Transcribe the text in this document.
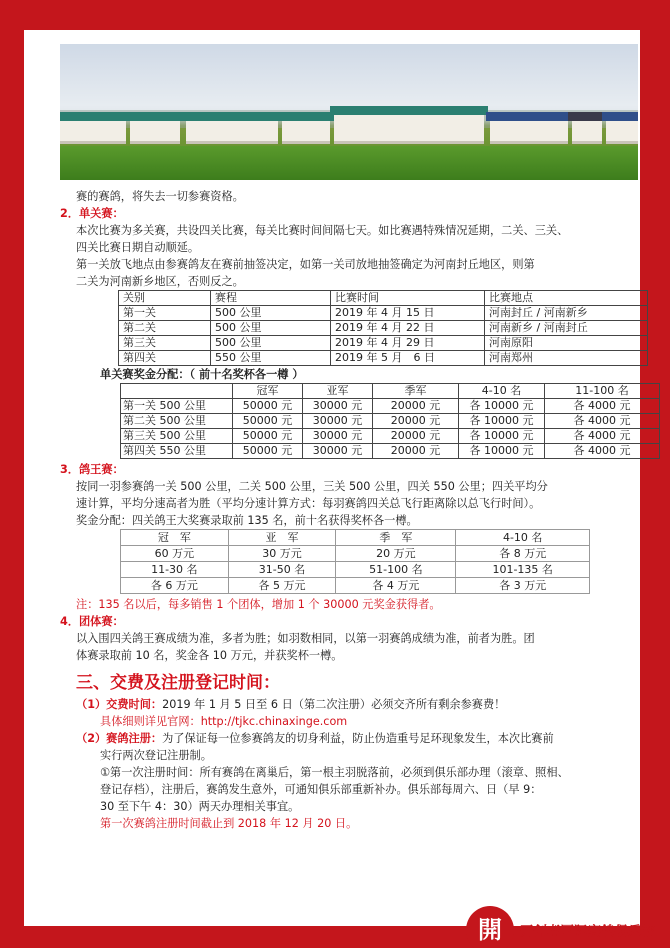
赛的赛鸽，将失去一切参赛资格。
2．单关赛：
本次比赛为多关赛，共设四关比赛，每关比赛时间间隔七天。如比赛遇特殊情况延期，二关、三关、
四关比赛日期自动顺延。
第一关放飞地点由参赛鸽友在赛前抽签决定，如第一关司放地抽签确定为河南封丘地区，则第
二关为河南新乡地区，否则反之。
关别	赛程	比赛时间	比赛地点
第一关	500 公里	2019 年 4 月 15 日	河南封丘 / 河南新乡
第二关	500 公里	2019 年 4 月 22 日	河南新乡 / 河南封丘
第三关	500 公里	2019 年 4 月 29 日	河南原阳
第四关	550 公里	2019 年 5 月　6 日	河南郑州
单关赛奖金分配：（ 前十名奖杯各一樽 ）
	冠军	亚军	季军	4-10 名	11-100 名
第一关 500 公里	50000 元	30000 元	20000 元	各 10000 元	各 4000 元
第二关 500 公里	50000 元	30000 元	20000 元	各 10000 元	各 4000 元
第三关 500 公里	50000 元	30000 元	20000 元	各 10000 元	各 4000 元
第四关 550 公里	50000 元	30000 元	20000 元	各 10000 元	各 4000 元
3．鸽王赛：
按同一羽参赛鸽一关 500 公里，二关 500 公里，三关 500 公里，四关 550 公里；四关平均分
速计算，平均分速高者为胜（平均分速计算方式：每羽赛鸽四关总飞行距离除以总飞行时间）。
奖金分配：四关鸽王大奖赛录取前 135 名，前十名获得奖杯各一樽。
冠　军	亚　军	季　军	4-10 名
60 万元	30 万元	20 万元	各 8 万元
11-30 名	31-50 名	51-100 名	101-135 名
各 6 万元	各 5 万元	各 4 万元	各 3 万元
注：135 名以后，每多销售 1 个团体，增加 1 个 30000 元奖金获得者。
4．团体赛：
以入围四关鸽王赛成绩为准，多者为胜；如羽数相同，以第一羽赛鸽成绩为准，前者为胜。团
体赛录取前 10 名，奖金各 10 万元，并获奖杯一樽。
三、交费及注册登记时间：
（1）交费时间：2019 年 1 月 5 日至 6 日（第二次注册）必须交齐所有剩余参赛费！
具体细则详见官网：http://tjkc.chinaxinge.com
（2）赛鸽注册：为了保证每一位参赛鸽友的切身利益，防止伪造重号足环现象发生，本次比赛前
实行两次登记注册制。
①第一次注册时间：所有赛鸽在离巢后，第一根主羽脱落前，必须到俱乐部办理（滚章、照相、
登记存档），注册后，赛鸽发生意外，可通知俱乐部重新补办。俱乐部每周六、日（早 9：
30 至下午 4：30）两天办理相关事宜。
第一次赛鸽注册时间截止到 2018 年 12 月 20 日。
開	开创者国际赛鸽俱乐部
